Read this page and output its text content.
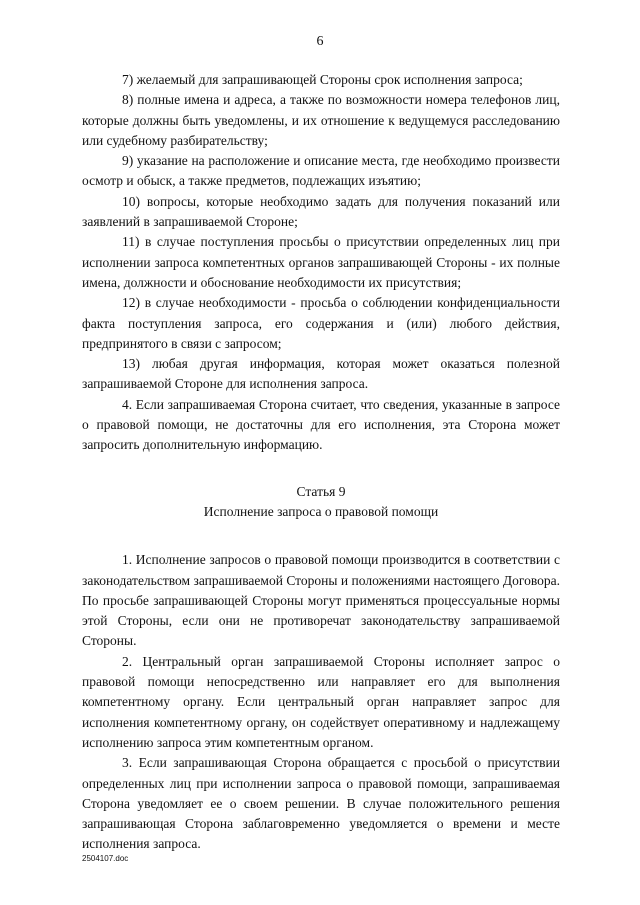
6

7) желаемый для запрашивающей Стороны срок исполнения запроса;

8) полные имена и адреса, а также по возможности номера телефонов лиц, которые должны быть уведомлены, и их отношение к ведущемуся расследованию или судебному разбирательству;

9) указание на расположение и описание места, где необходимо произвести осмотр и обыск, а также предметов, подлежащих изъятию;

10) вопросы, которые необходимо задать для получения показаний или заявлений в запрашиваемой Стороне;

11) в случае поступления просьбы о присутствии определенных лиц при исполнении запроса компетентных органов запрашивающей Стороны - их полные имена, должности и обоснование необходимости их присутствия;

12) в случае необходимости - просьба о соблюдении конфиденциальности факта поступления запроса, его содержания и (или) любого действия, предпринятого в связи с запросом;

13) любая другая информация, которая может оказаться полезной запрашиваемой Стороне для исполнения запроса.

4. Если запрашиваемая Сторона считает, что сведения, указанные в запросе о правовой помощи, не достаточны для его исполнения, эта Сторона может запросить дополнительную информацию.

Статья 9

Исполнение запроса о правовой помощи

1. Исполнение запросов о правовой помощи производится в соответствии с законодательством запрашиваемой Стороны и положениями настоящего Договора. По просьбе запрашивающей Стороны могут применяться процессуальные нормы этой Стороны, если они не противоречат законодательству запрашиваемой Стороны.

2. Центральный орган запрашиваемой Стороны исполняет запрос о правовой помощи непосредственно или направляет его для выполнения компетентному органу. Если центральный орган направляет запрос для исполнения компетентному органу, он содействует оперативному и надлежащему исполнению запроса этим компетентным органом.

3. Если запрашивающая Сторона обращается с просьбой о присутствии определенных лиц при исполнении запроса о правовой помощи, запрашиваемая Сторона уведомляет ее о своем решении. В случае положительного решения запрашивающая Сторона заблаговременно уведомляется о времени и месте исполнения запроса.

2504107.doc
